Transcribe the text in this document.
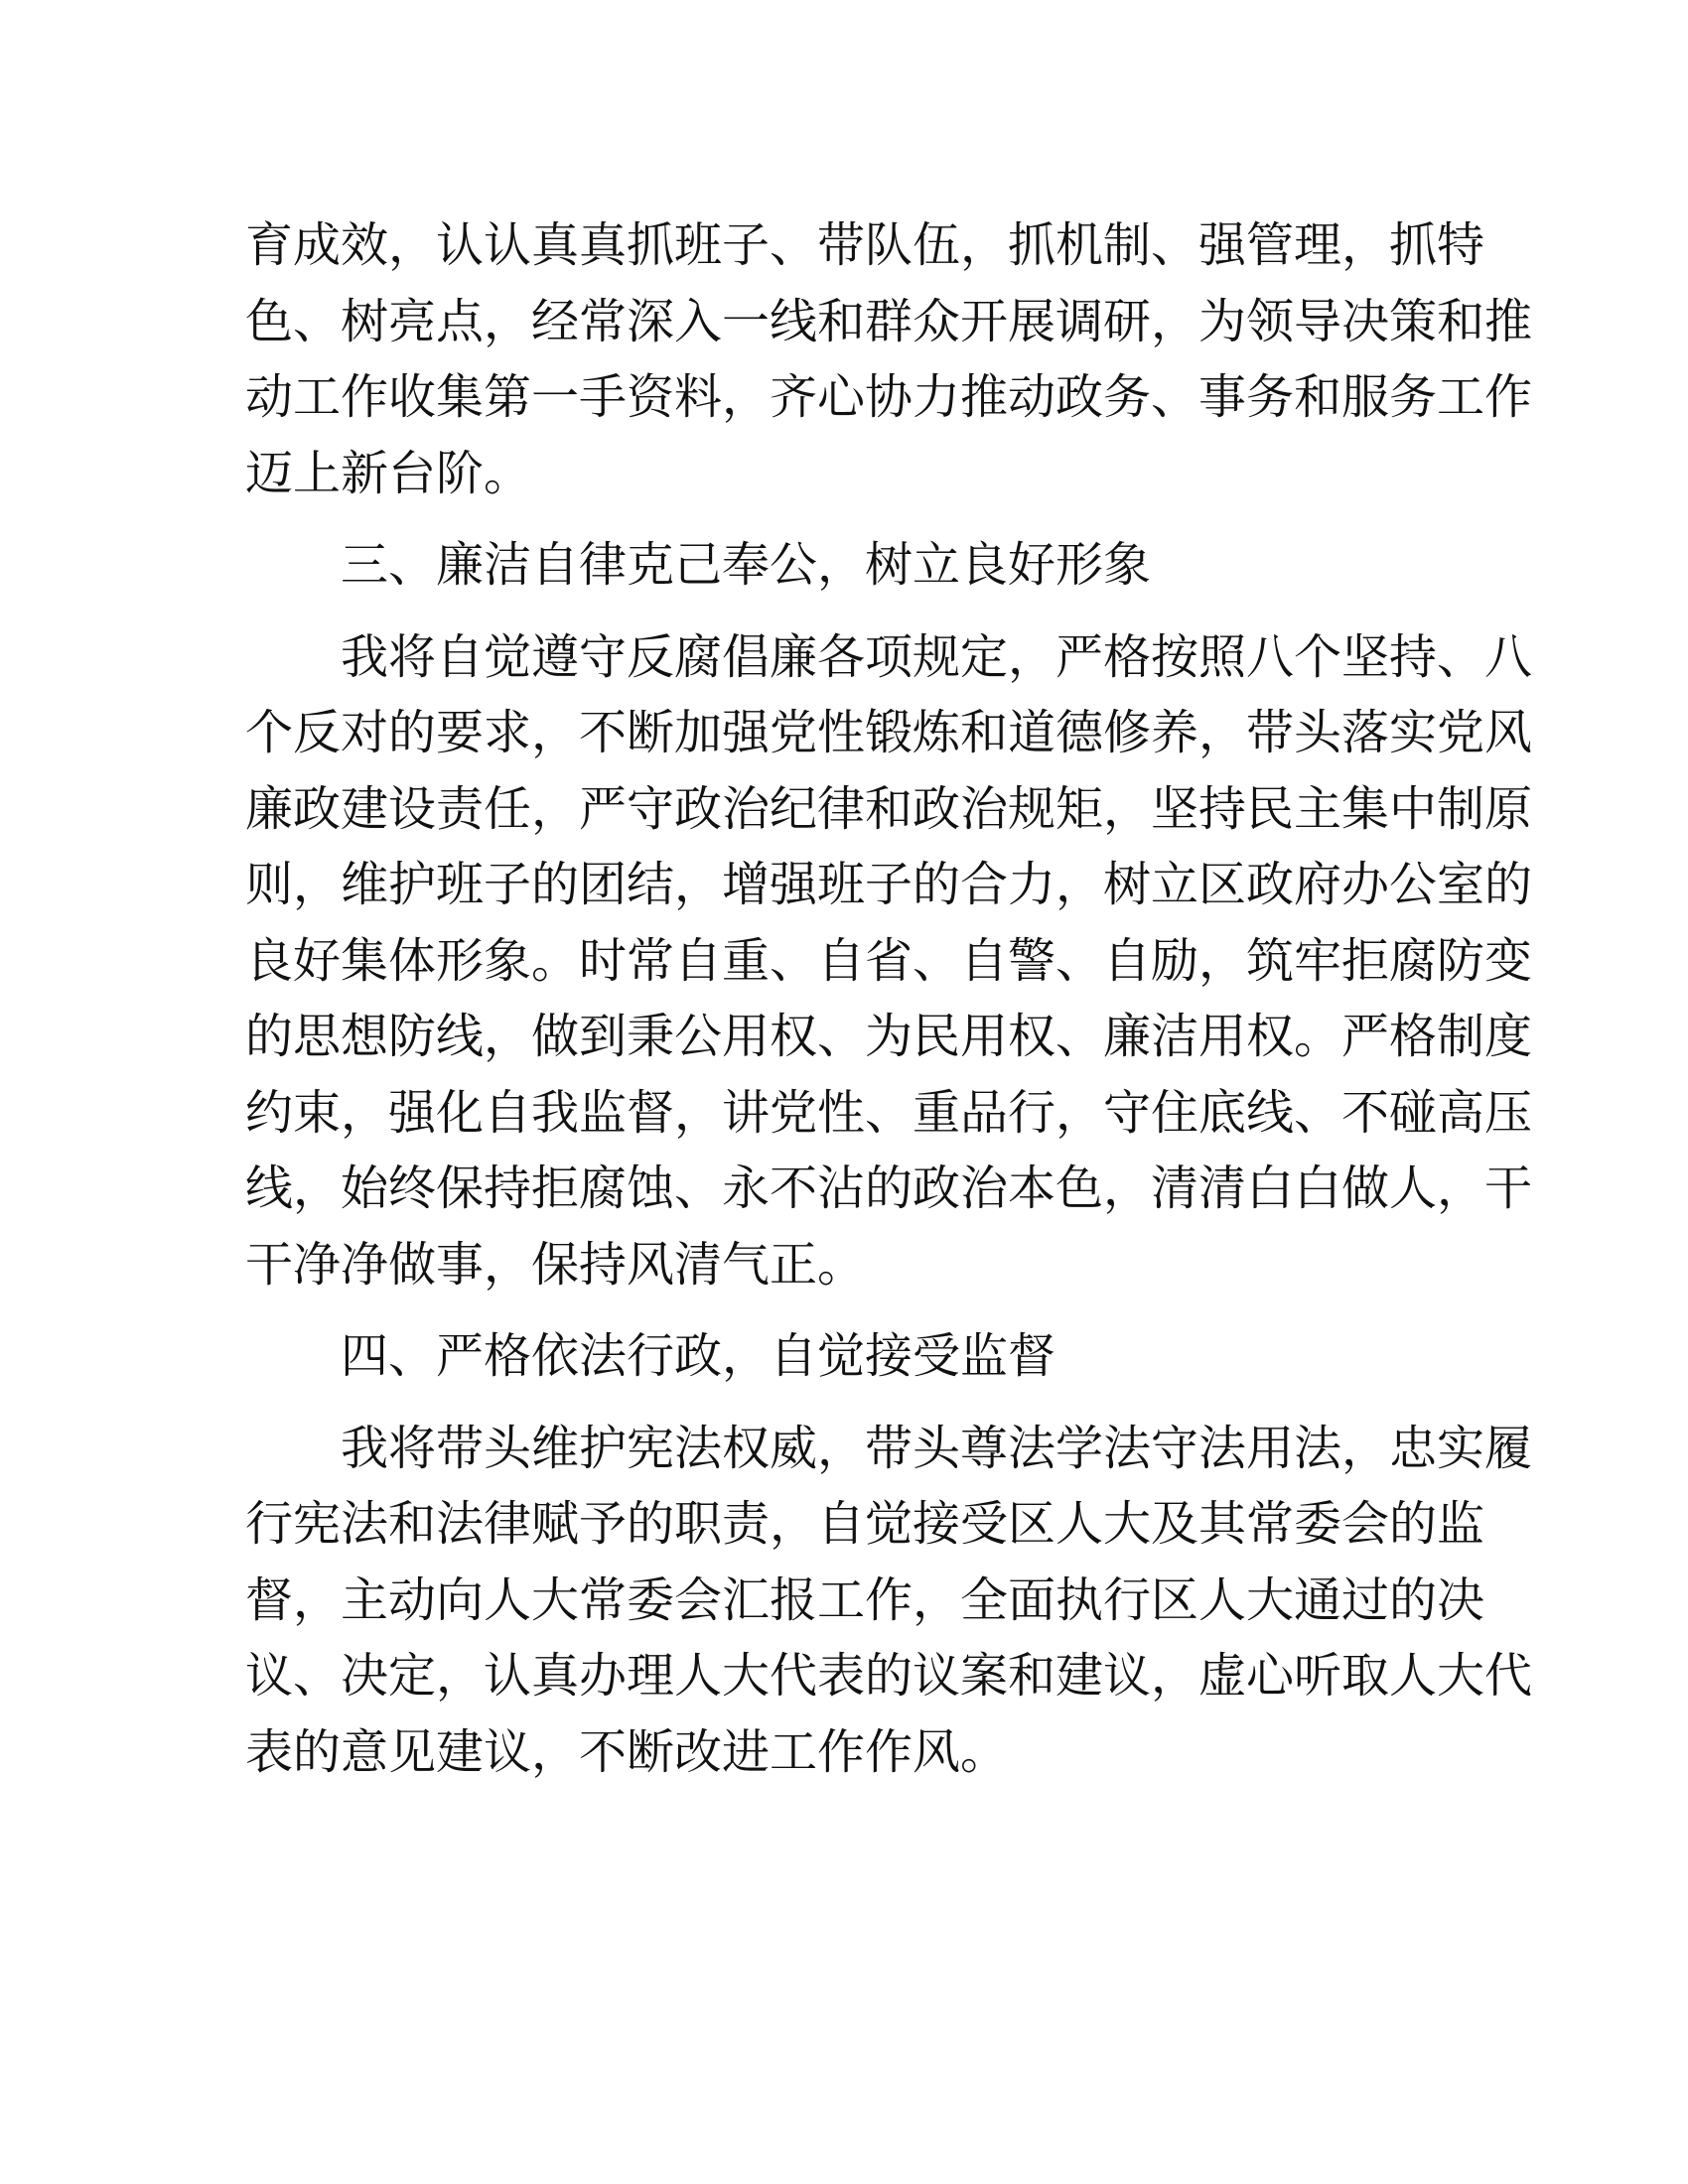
育成效，认认真真抓班子、带队伍，抓机制、强管理，抓特
色、树亮点，经常深入一线和群众开展调研，为领导决策和推
动工作收集第一手资料，齐心协力推动政务、事务和服务工作
迈上新台阶。
三、廉洁自律克己奉公，树立良好形象
我将自觉遵守反腐倡廉各项规定，严格按照八个坚持、八
个反对的要求，不断加强党性锻炼和道德修养，带头落实党风
廉政建设责任，严守政治纪律和政治规矩，坚持民主集中制原
则，维护班子的团结，增强班子的合力，树立区政府办公室的
良好集体形象。时常自重、自省、自警、自励，筑牢拒腐防变
的思想防线，做到秉公用权、为民用权、廉洁用权。严格制度
约束，强化自我监督，讲党性、重品行，守住底线、不碰高压
线，始终保持拒腐蚀、永不沾的政治本色，清清白白做人，干
干净净做事，保持风清气正。
四、严格依法行政，自觉接受监督
我将带头维护宪法权威，带头尊法学法守法用法，忠实履
行宪法和法律赋予的职责，自觉接受区人大及其常委会的监
督，主动向人大常委会汇报工作，全面执行区人大通过的决
议、决定，认真办理人大代表的议案和建议，虚心听取人大代
表的意见建议，不断改进工作作风。
